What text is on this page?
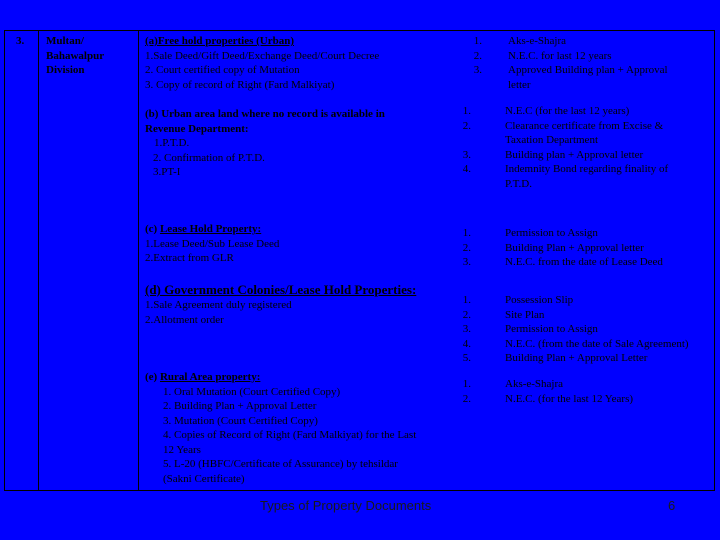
3. Multan/
Bahawalpur
Division
(a)Free hold properties (Urban)
1.Sale Deed/Gift Deed/Exchange Deed/Court Decree
2. Court certified copy of Mutation
3. Copy of record of Right (Fard Malkiyat)
1.
2.
3.
Aks-e-Shajra
N.E.C. for last 12 years
Approved Building plan + Approval
letter
(b) Urban area land where no record is available in
Revenue Department:
1.P.T.D.
2. Confirmation of P.T.D.
3.PT-I
1.
2.

3.
4.
N.E.C (for the last 12 years)
Clearance certificate from Excise &
Taxation Department
Building plan + Approval letter
Indemnity Bond regarding finality of
P.T.D.
(c) Lease Hold Property:
1.Lease Deed/Sub Lease Deed
2.Extract from GLR
1.
2.
3.
Permission to Assign
Building Plan + Approval letter
N.E.C. from the date of Lease Deed
(d) Government Colonies/Lease Hold Properties:
1.Sale Agreement duly registered
2.Allotment order
1.
2.
3.
4.
5.
Possession Slip
Site Plan
Permission to Assign
N.E.C. (from the date of Sale Agreement)
Building Plan + Approval Letter
(e) Rural Area property:
1. Oral Mutation (Court Certified Copy)
2. Building Plan + Approval Letter
3. Mutation (Court Certified Copy)
4. Copies of Record of Right (Fard Malkiyat) for the Last
12 Years
5. L-20 (HBFC/Certificate of Assurance) by tehsildar
(Sakni Certificate)
1.
2.
Aks-e-Shajra
N.E.C. (for the last 12 Years)
Types of Property Documents	6
